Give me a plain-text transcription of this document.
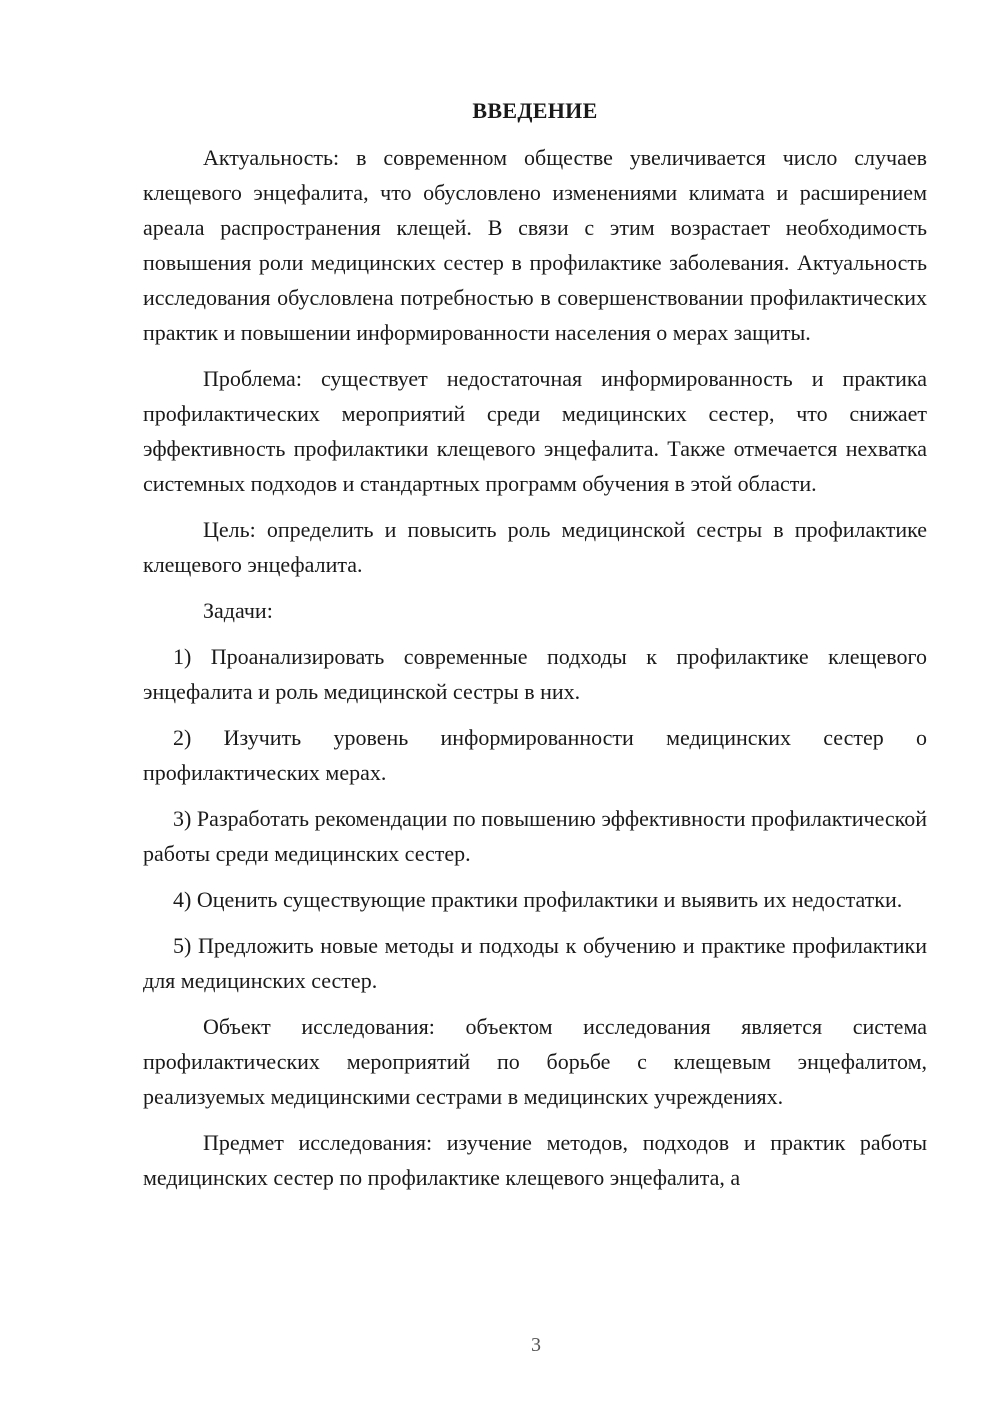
ВВЕДЕНИЕ

Актуальность: в современном обществе увеличивается число случаев клещевого энцефалита, что обусловлено изменениями климата и расширением ареала распространения клещей. В связи с этим возрастает необходимость повышения роли медицинских сестер в профилактике заболевания. Актуальность исследования обусловлена потребностью в совершенствовании профилактических практик и повышении информированности населения о мерах защиты.

Проблема: существует недостаточная информированность и практика профилактических мероприятий среди медицинских сестер, что снижает эффективность профилактики клещевого энцефалита. Также отмечается нехватка системных подходов и стандартных программ обучения в этой области.

Цель: определить и повысить роль медицинской сестры в профилактике клещевого энцефалита.

Задачи:

1) Проанализировать современные подходы к профилактике клещевого энцефалита и роль медицинской сестры в них.

2) Изучить уровень информированности медицинских сестер о профилактических мерах.

3) Разработать рекомендации по повышению эффективности профилактической работы среди медицинских сестер.

4) Оценить существующие практики профилактики и выявить их недостатки.

5) Предложить новые методы и подходы к обучению и практике профилактики для медицинских сестер.

Объект исследования: объектом исследования является система профилактических мероприятий по борьбе с клещевым энцефалитом, реализуемых медицинскими сестрами в медицинских учреждениях.

Предмет исследования: изучение методов, подходов и практик работы медицинских сестер по профилактике клещевого энцефалита, а

3
